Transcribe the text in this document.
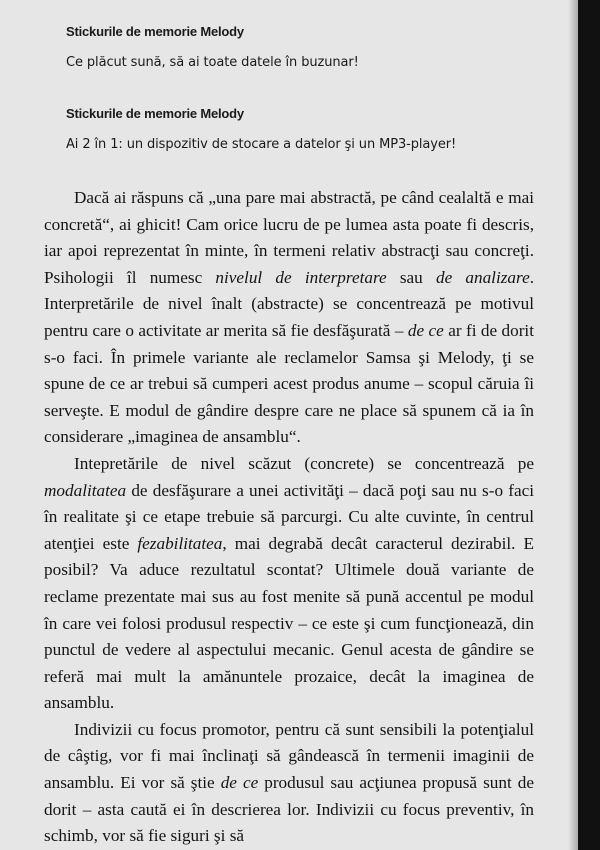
Stickurile de memorie Melody
Ce plăcut sună, să ai toate datele în buzunar!
Stickurile de memorie Melody
Ai 2 în 1: un dispozitiv de stocare a datelor şi un MP3-player!

Dacă ai răspuns că „una pare mai abstractă, pe când cealaltă e mai concretă“, ai ghicit! Cam orice lucru de pe lumea asta poate fi descris, iar apoi reprezentat în minte, în termeni relativ abstracţi sau concreţi. Psihologii îl numesc nivelul de interpretare sau de analizare. Interpretările de nivel înalt (abstracte) se concentrează pe motivul pentru care o activitate ar merita să fie desfăşurată – de ce ar fi de dorit s-o faci. În primele variante ale reclamelor Samsa şi Melody, ţi se spune de ce ar trebui să cumperi acest produs anume – scopul căruia îi serveşte. E modul de gândire despre care ne place să spunem că ia în considerare „imaginea de ansamblu“.

Intepretările de nivel scăzut (concrete) se concentrează pe modalitatea de desfăşurare a unei activităţi – dacă poţi sau nu s-o faci în realitate şi ce etape trebuie să parcurgi. Cu alte cuvinte, în centrul atenţiei este fezabilitatea, mai degrabă decât caracterul dezirabil. E posibil? Va aduce rezultatul scontat? Ultimele două variante de reclame prezentate mai sus au fost menite să pună accentul pe modul în care vei folosi produsul respectiv – ce este şi cum funcţionează, din punctul de vedere al aspectului mecanic. Genul acesta de gândire se referă mai mult la amănuntele prozaice, decât la imaginea de ansamblu.

Indivizii cu focus promotor, pentru că sunt sensibili la potenţialul de câştig, vor fi mai înclinaţi să gândească în termenii imaginii de ansamblu. Ei vor să ştie de ce produsul sau acţiunea propusă sunt de dorit – asta caută ei în descrierea lor. Indivizii cu focus preventiv, în schimb, vor să fie siguri şi să
